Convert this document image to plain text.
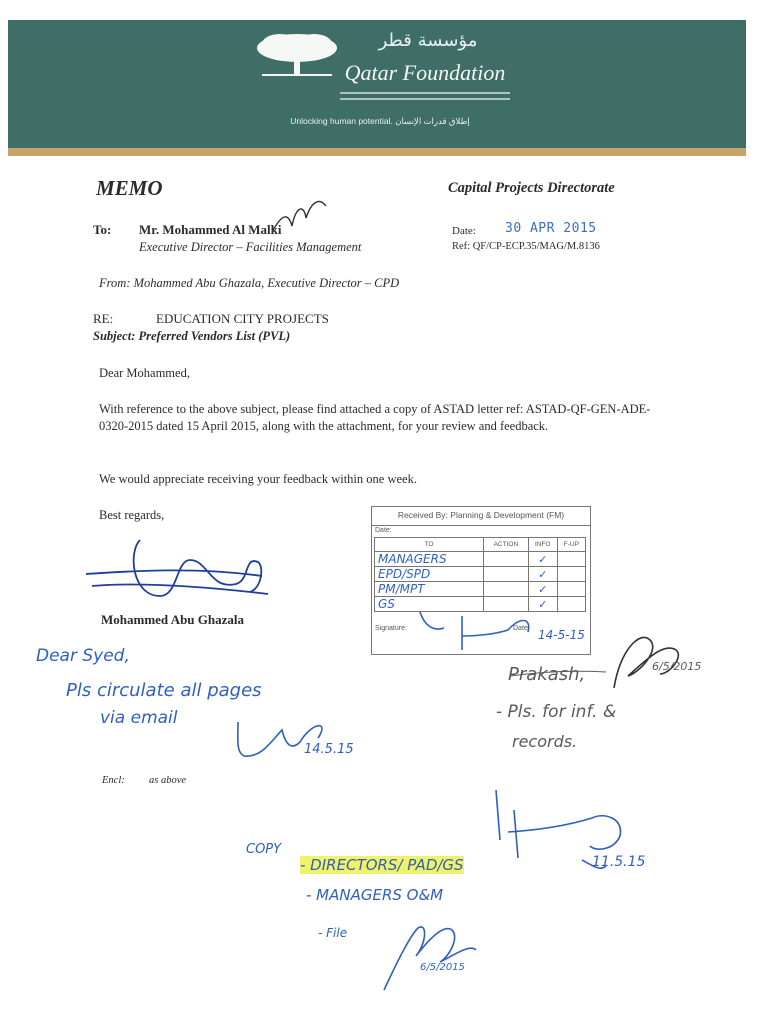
مؤسسة قطر
Qatar Foundation
Unlocking human potential. إطلاق قدرات الإنسان
MEMO	Capital Projects Directorate
To: Mr. Mohammed Al Malki
Executive Director – Facilities Management
Date: 30 APR 2015
Ref: QF/CP-ECP.35/MAG/M.8136
From: Mohammed Abu Ghazala, Executive Director – CPD
RE:	EDUCATION CITY PROJECTS
Subject: Preferred Vendors List (PVL)
Dear Mohammed,
With reference to the above subject, please find attached a copy of ASTAD letter ref: ASTAD-QF-GEN-ADE-0320-2015 dated 15 April 2015, along with the attachment, for your review and feedback.
We would appreciate receiving your feedback within one week.
Best regards,
Mohammed Abu Ghazala
Encl: as above
Received By: Planning & Development (FM)
Date:
TO	ACTION	INFO	F-UP
MANAGERS		✓	
EPD/SPD		✓	
PM/MPT		✓	
GS		✓	
Signature:	Date:
Dear Syed,
Pls circulate all pages
via email
14.5.15
14-5-15
Prakash,	6/5/2015
- Pls. for inf. &
records.
COPY
- DIRECTORS/ PAD/GS
- MANAGERS O&M
- File
11.5.15
6/5/2015
